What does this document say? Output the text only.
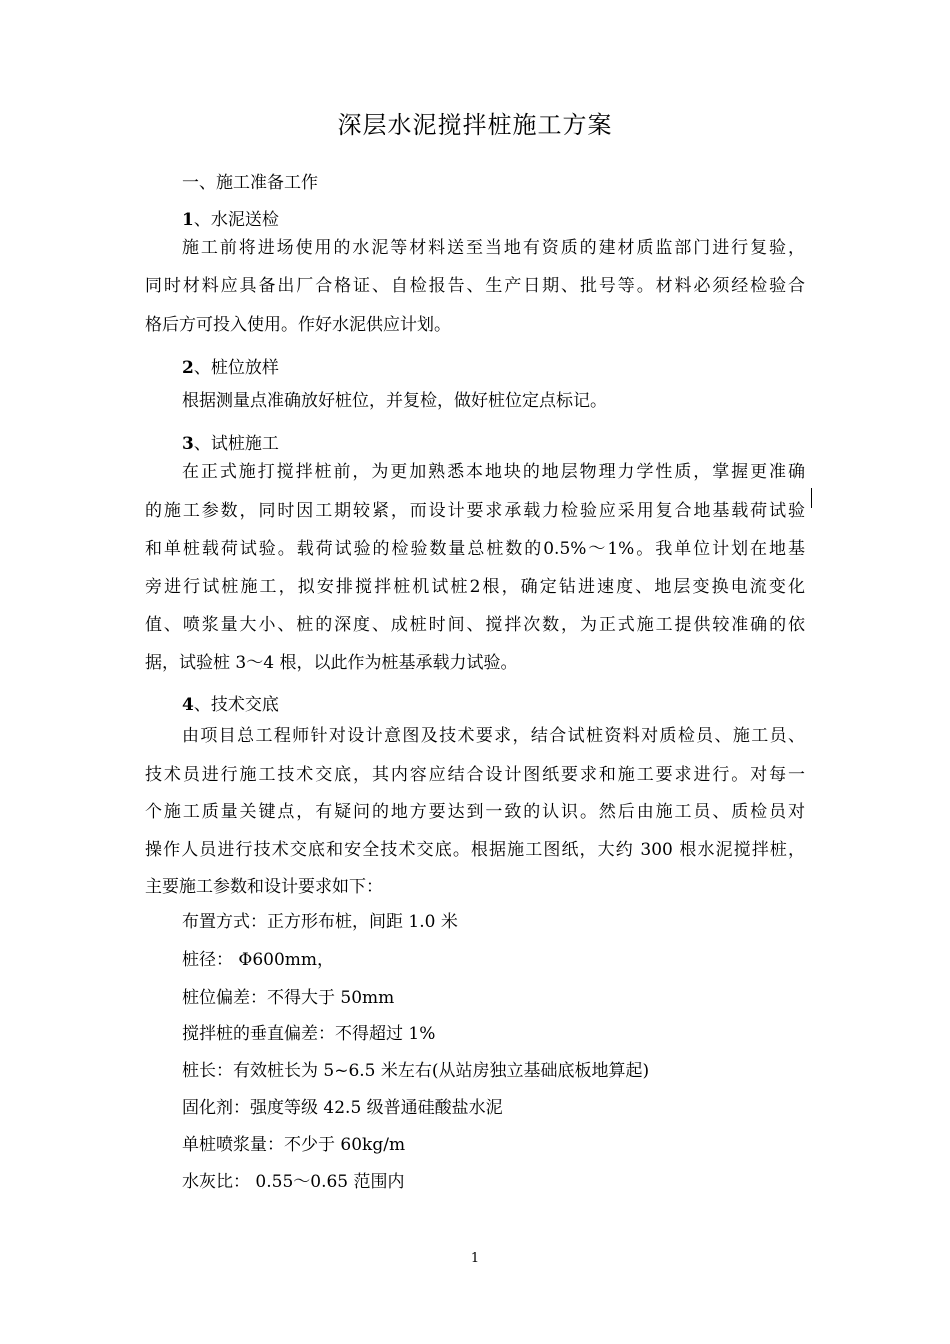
深层水泥搅拌桩施工方案
一、施工准备工作
1、水泥送检
施工前将进场使用的水泥等材料送至当地有资质的建材质监部门进行复验，
同时材料应具备出厂合格证、自检报告、生产日期、批号等。材料必须经检验合
格后方可投入使用。作好水泥供应计划。
2、桩位放样
根据测量点准确放好桩位，并复检，做好桩位定点标记。
3、试桩施工
在正式施打搅拌桩前，为更加熟悉本地块的地层物理力学性质，掌握更准确
的施工参数，同时因工期较紧，而设计要求承载力检验应采用复合地基载荷试验
和单桩载荷试验。载荷试验的检验数量总桩数的0.5%～1%。我单位计划在地基
旁进行试桩施工，拟安排搅拌桩机试桩2根，确定钻进速度、地层变换电流变化
值、喷浆量大小、桩的深度、成桩时间、搅拌次数，为正式施工提供较准确的依
据，试验桩 3～4 根，以此作为桩基承载力试验。
4、技术交底
由项目总工程师针对设计意图及技术要求，结合试桩资料对质检员、施工员、
技术员进行施工技术交底，其内容应结合设计图纸要求和施工要求进行。对每一
个施工质量关键点，有疑问的地方要达到一致的认识。然后由施工员、质检员对
操作人员进行技术交底和安全技术交底。根据施工图纸，大约 300 根水泥搅拌桩，
主要施工参数和设计要求如下：
布置方式：正方形布桩，间距 1.0 米
桩径： Φ600mm，
桩位偏差：不得大于 50mm
搅拌桩的垂直偏差：不得超过 1%
桩长：有效桩长为 5~6.5 米左右(从站房独立基础底板地算起)
固化剂：强度等级 42.5 级普通硅酸盐水泥
单桩喷浆量：不少于 60kg/m
水灰比： 0.55～0.65 范围内
1
